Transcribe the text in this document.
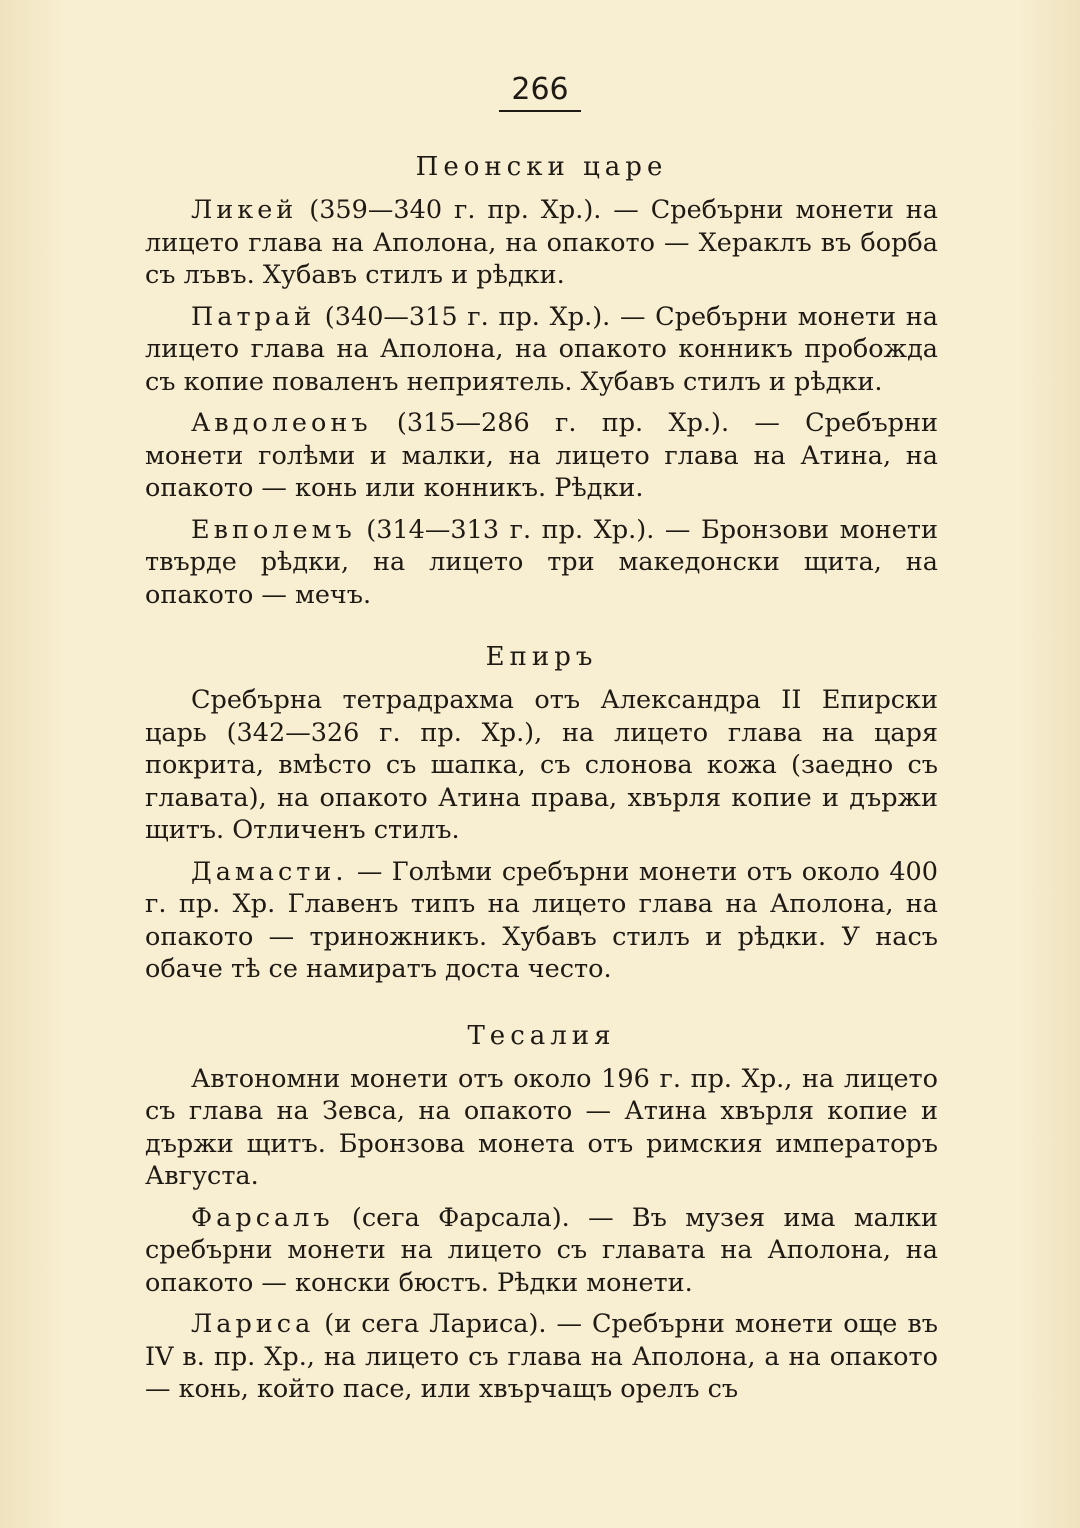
266
Пеонски царе

Ликей (359—340 г. пр. Хр.). — Сребърни монети на лицето глава на Аполона, на опакото — Хераклъ въ борба съ лъвъ. Хубавъ стилъ и рѣдки.

Патрай (340—315 г. пр. Хр.). — Сребърни монети на лицето глава на Аполона, на опакото конникъ пробожда съ копие поваленъ неприятель. Хубавъ стилъ и рѣдки.

Авдолеонъ (315—286 г. пр. Хр.). — Сребърни монети голѣми и малки, на лицето глава на Атина, на опакото — конь или конникъ. Рѣдки.

Евполемъ (314—313 г. пр. Хр.). — Бронзови монети твърде рѣдки, на лицето три македонски щита, на опакото — мечъ.

Епиръ

Сребърна тетрадрахма отъ Александра II Епирски царь (342—326 г. пр. Хр.), на лицето глава на царя покрита, вмѣсто съ шапка, съ слонова кожа (заедно съ главата), на опакото Атина права, хвърля копие и държи щитъ. Отличенъ стилъ.

Дамасти. — Голѣми сребърни монети отъ около 400 г. пр. Хр. Главенъ типъ на лицето глава на Аполона, на опакото — триножникъ. Хубавъ стилъ и рѣдки. У насъ обаче тѣ се намиратъ доста често.

Тесалия

Автономни монети отъ около 196 г. пр. Хр., на лицето съ глава на Зевса, на опакото — Атина хвърля копие и държи щитъ. Бронзова монета отъ римския императоръ Августа.

Фарсалъ (сега Фарсала). — Въ музея има малки сребърни монети на лицето съ главата на Аполона, на опакото — конски бюстъ. Рѣдки монети.

Лариса (и сега Лариса). — Сребърни монети още въ IV в. пр. Хр., на лицето съ глава на Аполона, а на опакото — конь, който пасе, или хвърчащъ орелъ съ
